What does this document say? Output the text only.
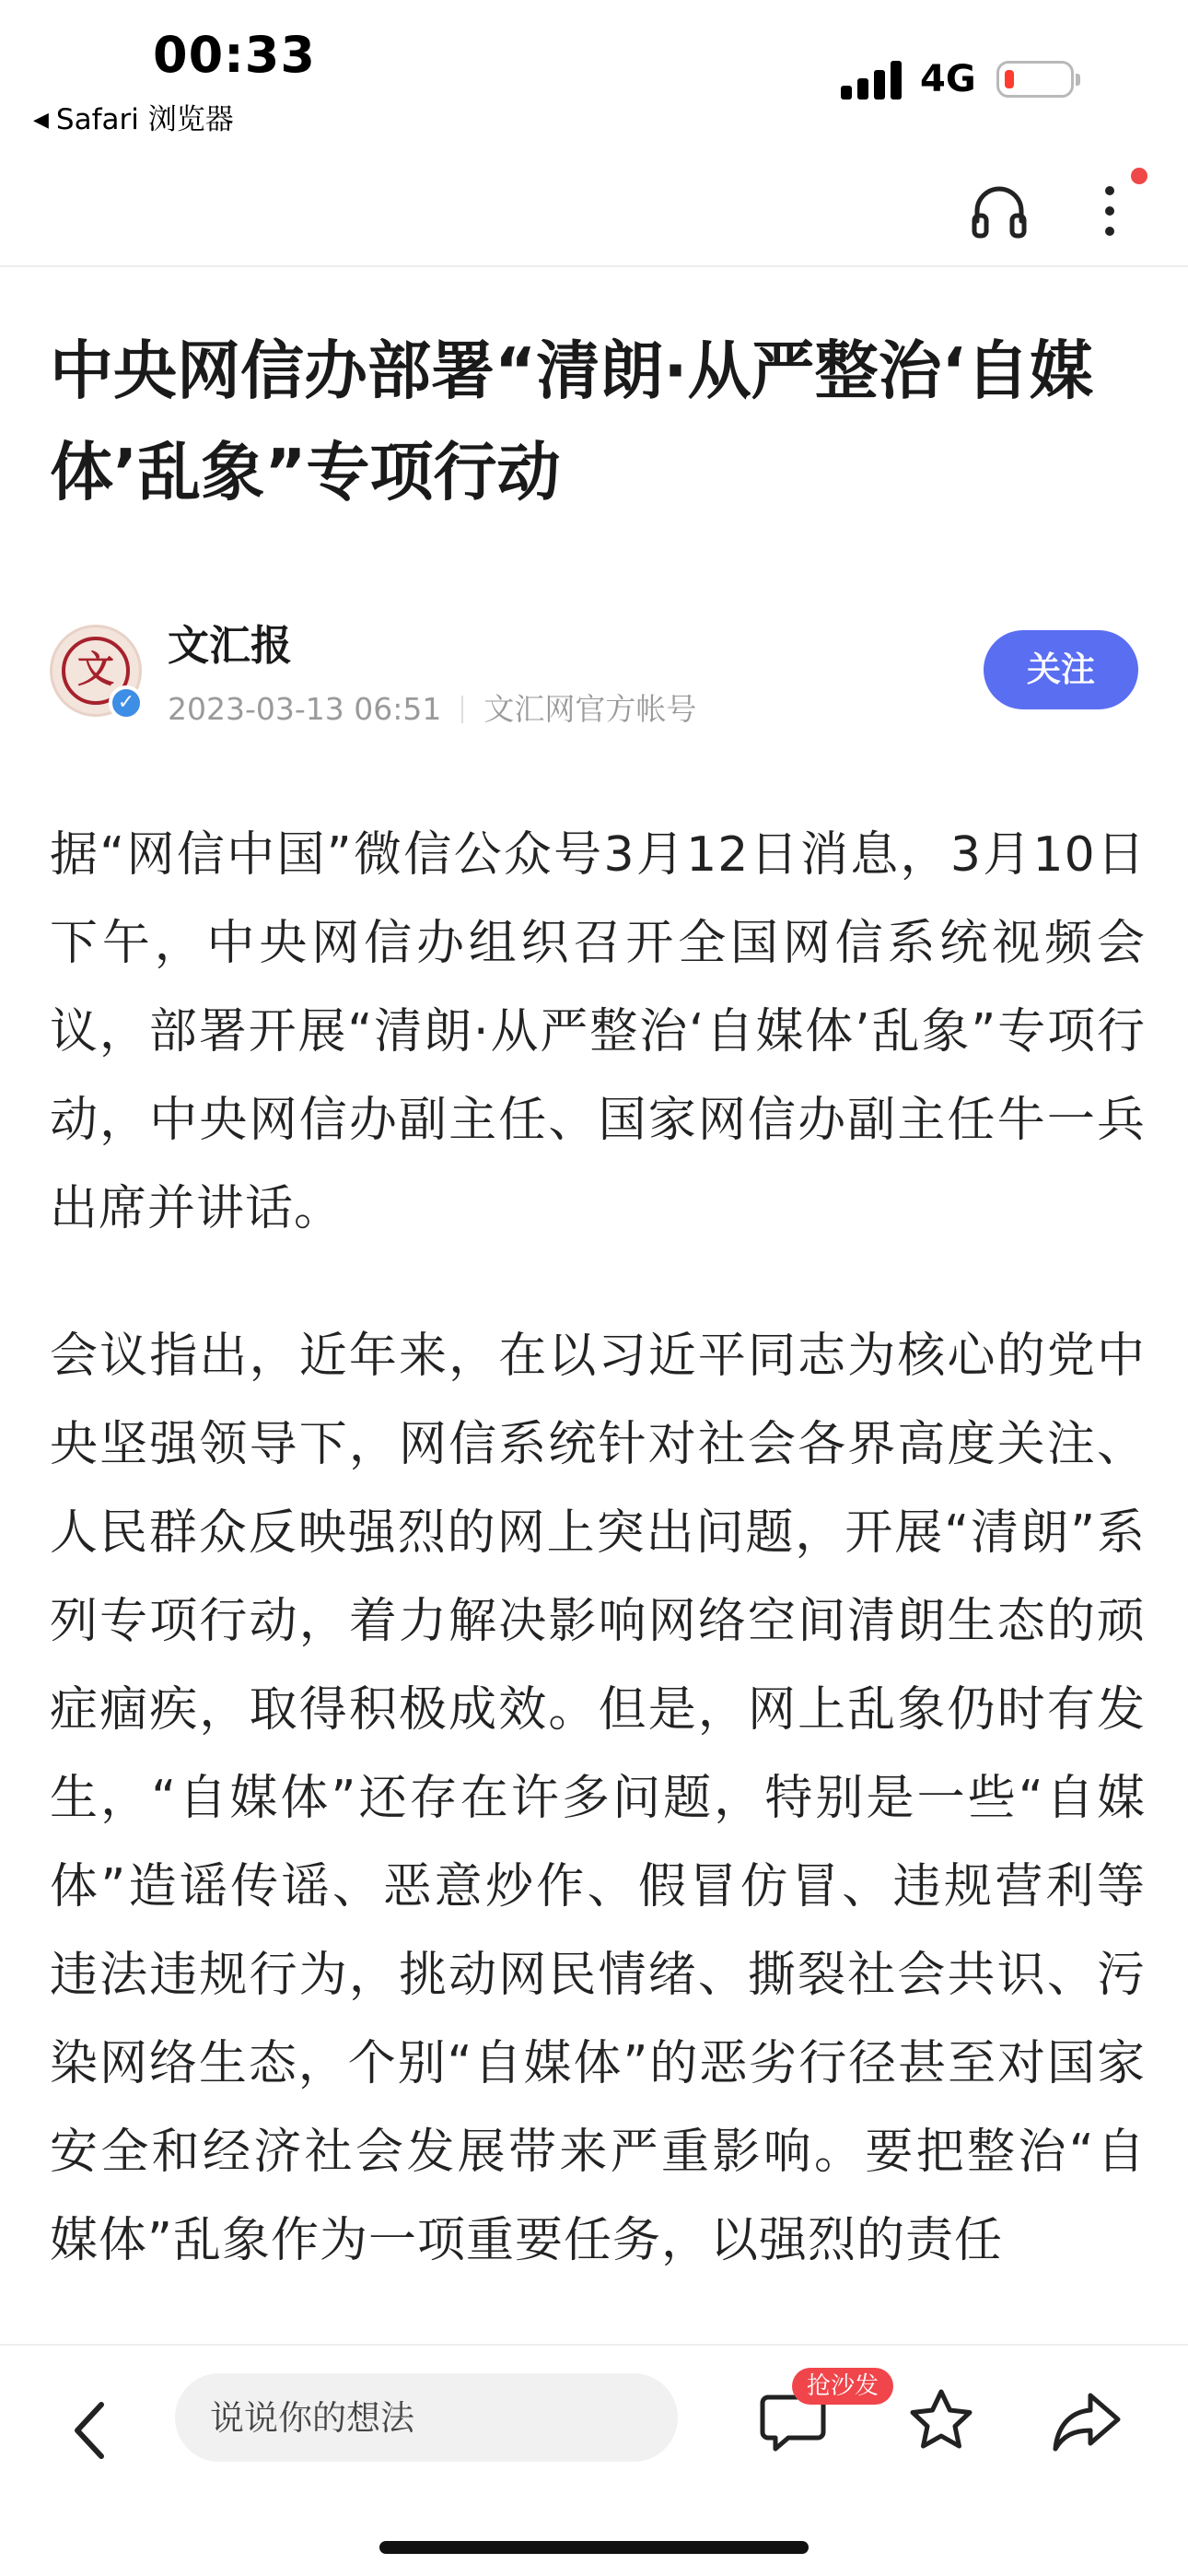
00:33
◀ Safari 浏览器
4G
中央网信办部署“清朗·从严整治‘自媒体’乱象”专项行动
文
✓
文汇报
2023-03-13 06:51 文汇网官方帐号
关注

据“网信中国”微信公众号3月12日消息，3月10日下午，中央网信办组织召开全国网信系统视频会议，部署开展“清朗·从严整治‘自媒体’乱象”专项行动，中央网信办副主任、国家网信办副主任牛一兵出席并讲话。

会议指出，近年来，在以习近平同志为核心的党中央坚强领导下，网信系统针对社会各界高度关注、人民群众反映强烈的网上突出问题，开展“清朗”系列专项行动，着力解决影响网络空间清朗生态的顽症痼疾，取得积极成效。但是，网上乱象仍时有发生，“自媒体”还存在许多问题，特别是一些“自媒体”造谣传谣、恶意炒作、假冒仿冒、违规营利等违法违规行为，挑动网民情绪、撕裂社会共识、污染网络生态，个别“自媒体”的恶劣行径甚至对国家安全和经济社会发展带来严重影响。要把整治“自媒体”乱象作为一项重要任务，以强烈的责任

说说你的想法
抢沙发
